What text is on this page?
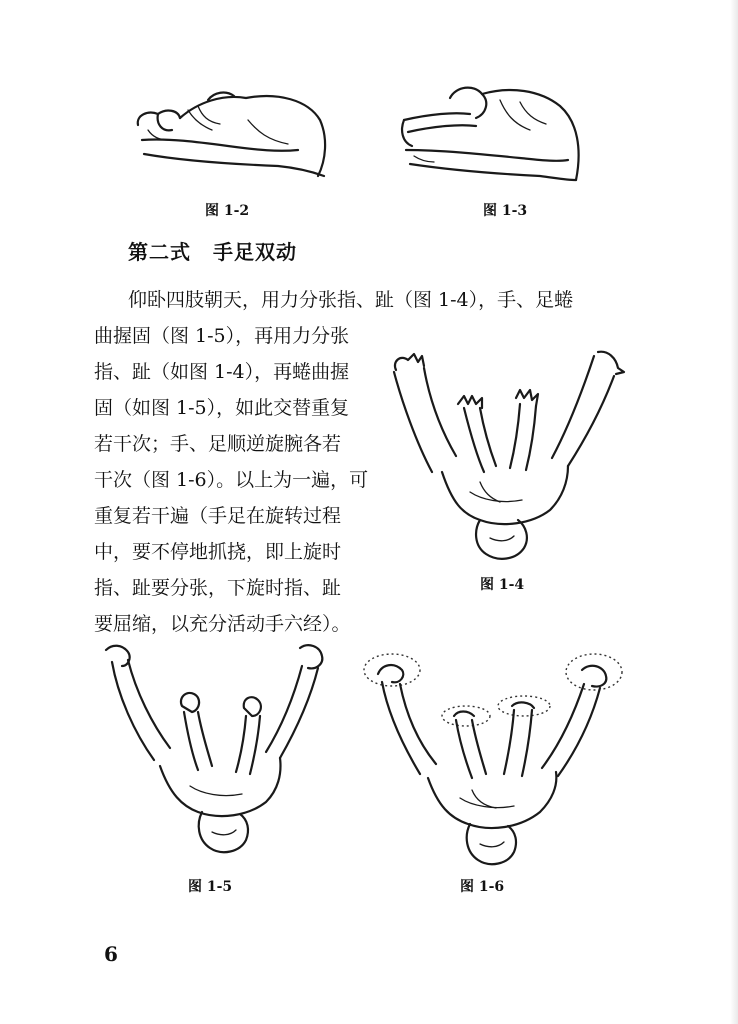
图 1-2	图 1-3
第二式 手足双动
仰卧四肢朝天，用力分张指、趾（图 1-4），手、足蜷
曲握固（图 1-5），再用力分张
指、趾（如图 1-4），再蜷曲握
固（如图 1-5），如此交替重复
若干次；手、足顺逆旋腕各若
干次（图 1-6）。以上为一遍，可
重复若干遍（手足在旋转过程
中，要不停地抓挠，即上旋时
指、趾要分张，下旋时指、趾
要屈缩，以充分活动手六经）。
图 1-4
图 1-5	图 1-6
6
